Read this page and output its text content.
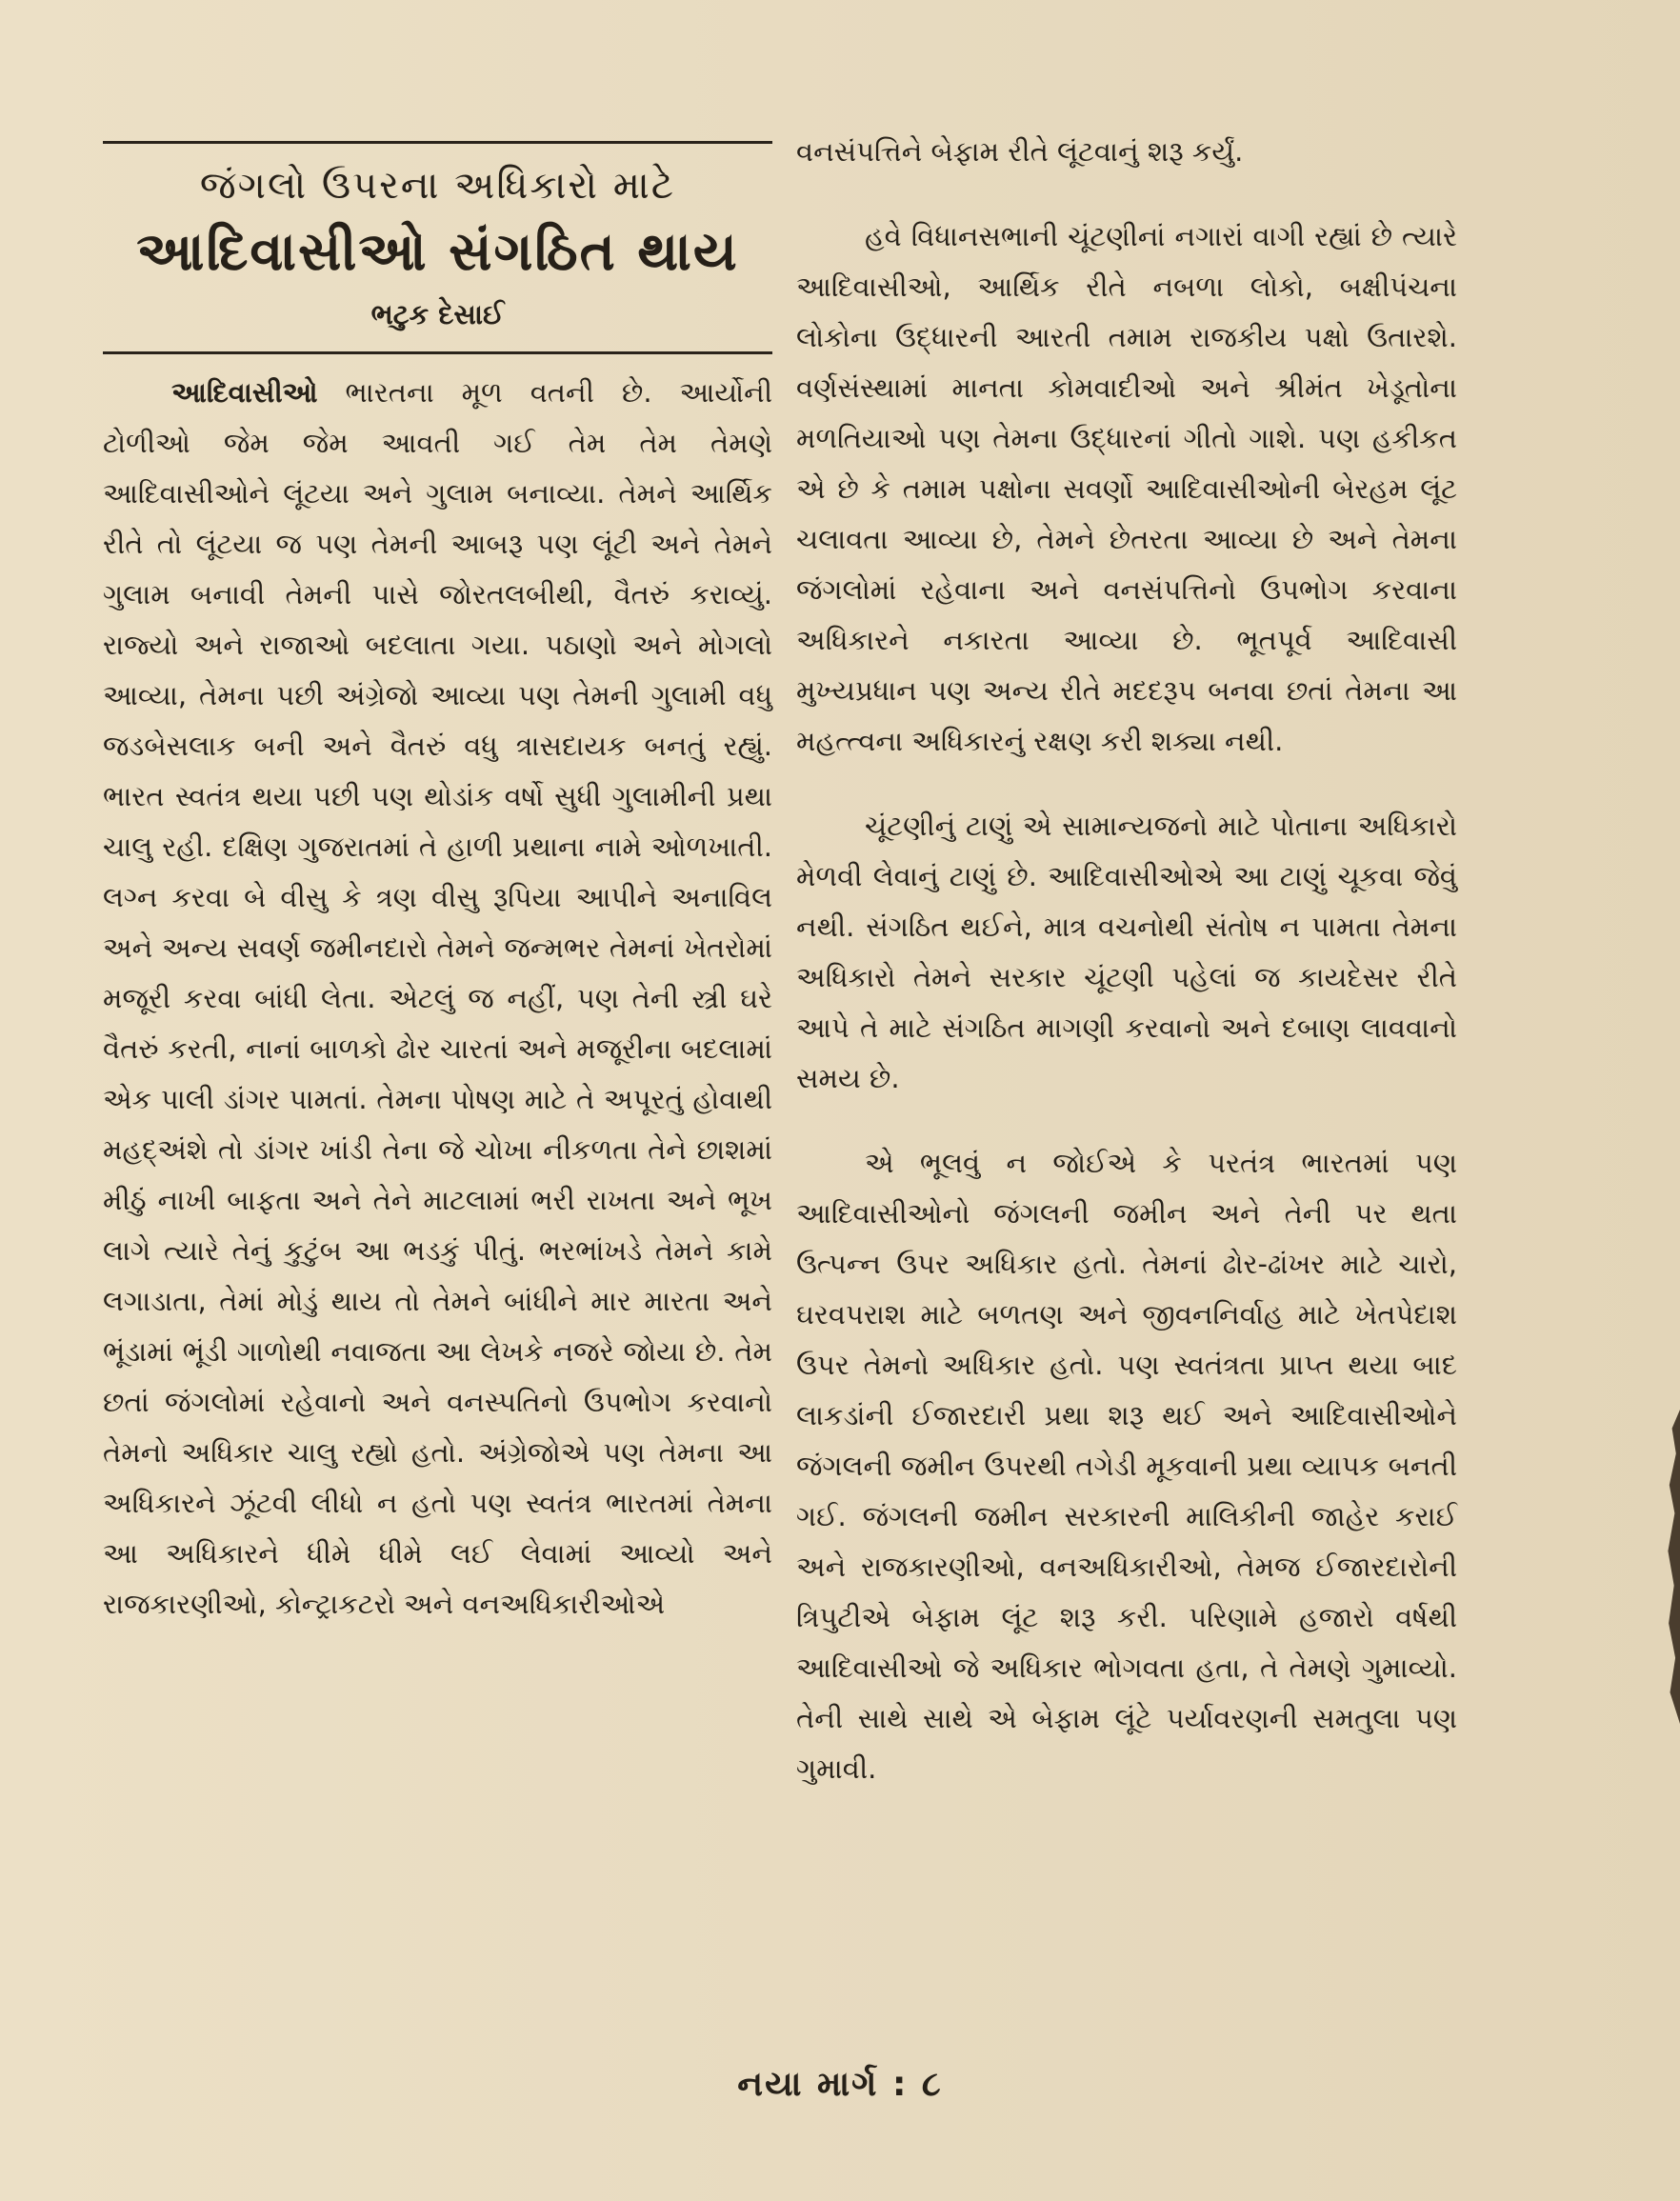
જંગલો ઉપરના અધિકારો માટે
આદિવાસીઓ સંગઠિત થાય
ભટુક દેસાઈ

આદિવાસીઓ ભારતના મૂળ વતની છે. આર્યોની ટોળીઓ જેમ જેમ આવતી ગઈ તેમ તેમ તેમણે આદિવાસીઓને લૂંટયા અને ગુલામ બનાવ્યા. તેમને આર્થિક રીતે તો લૂંટયા જ પણ તેમની આબરૂ પણ લૂંટી અને તેમને ગુલામ બનાવી તેમની પાસે જોરતલબીથી, વૈતરું કરાવ્યું. રાજ્યો અને રાજાઓ બદલાતા ગયા. પઠાણો અને મોગલો આવ્યા, તેમના પછી અંગ્રેજો આવ્યા પણ તેમની ગુલામી વધુ જડબેસલાક બની અને વૈતરું વધુ ત્રાસદાયક બનતું રહ્યું. ભારત સ્વતંત્ર થયા પછી પણ થોડાંક વર્ષો સુધી ગુલામીની પ્રથા ચાલુ રહી. દક્ષિણ ગુજરાતમાં તે હાળી પ્રથાના નામે ઓળખાતી. લગ્ન કરવા બે વીસુ કે ત્રણ વીસુ રૂપિયા આપીને અનાવિલ અને અન્ય સવર્ણ જમીનદારો તેમને જન્મભર તેમનાં ખેતરોમાં મજૂરી કરવા બાંધી લેતા. એટલું જ નહીં, પણ તેની સ્ત્રી ઘરે વૈતરું કરતી, નાનાં બાળકો ઢોર ચારતાં અને મજૂરીના બદલામાં એક પાલી ડાંગર પામતાં. તેમના પોષણ માટે તે અપૂરતું હોવાથી મહદ્અંશે તો ડાંગર ખાંડી તેના જે ચોખા નીકળતા તેને છાશમાં મીઠું નાખી બાફતા અને તેને માટલામાં ભરી રાખતા અને ભૂખ લાગે ત્યારે તેનું કુટુંબ આ ભડકું પીતું. ભરભાંખડે તેમને કામે લગાડાતા, તેમાં મોડું થાય તો તેમને બાંધીને માર મારતા અને ભૂંડામાં ભૂંડી ગાળોથી નવાજતા આ લેખકે નજરે જોયા છે. તેમ છતાં જંગલોમાં રહેવાનો અને વનસ્પતિનો ઉપભોગ કરવાનો તેમનો અધિકાર ચાલુ રહ્યો હતો. અંગ્રેજોએ પણ તેમના આ અધિકારને ઝૂંટવી લીધો ન હતો પણ સ્વતંત્ર ભારતમાં તેમના આ અધિકારને ધીમે ધીમે લઈ લેવામાં આવ્યો અને રાજકારણીઓ, કોન્ટ્રાકટરો અને વનઅધિકારીઓએ

વનસંપત્તિને બેફામ રીતે લૂંટવાનું શરૂ કર્યું.

હવે વિધાનસભાની ચૂંટણીનાં નગારાં વાગી રહ્યાં છે ત્યારે આદિવાસીઓ, આર્થિક રીતે નબળા લોકો, બક્ષીપંચના લોકોના ઉદ્ધારની આરતી તમામ રાજકીય પક્ષો ઉતારશે. વર્ણસંસ્થામાં માનતા કોમવાદીઓ અને શ્રીમંત ખેડૂતોના મળતિયાઓ પણ તેમના ઉદ્ધારનાં ગીતો ગાશે. પણ હકીકત એ છે કે તમામ પક્ષોના સવર્ણો આદિવાસીઓની બેરહમ લૂંટ ચલાવતા આવ્યા છે, તેમને છેતરતા આવ્યા છે અને તેમના જંગલોમાં રહેવાના અને વનસંપત્તિનો ઉપભોગ કરવાના અધિકારને નકારતા આવ્યા છે. ભૂતપૂર્વ આદિવાસી મુખ્યપ્રધાન પણ અન્ય રીતે મદદરૂપ બનવા છતાં તેમના આ મહત્ત્વના અધિકારનું રક્ષણ કરી શક્યા નથી.

ચૂંટણીનું ટાણું એ સામાન્યજનો માટે પોતાના અધિકારો મેળવી લેવાનું ટાણું છે. આદિવાસીઓએ આ ટાણું ચૂકવા જેવું નથી. સંગઠિત થઈને, માત્ર વચનોથી સંતોષ ન પામતા તેમના અધિકારો તેમને સરકાર ચૂંટણી પહેલાં જ કાયદેસર રીતે આપે તે માટે સંગઠિત માગણી કરવાનો અને દબાણ લાવવાનો સમય છે.

એ ભૂલવું ન જોઈએ કે પરતંત્ર ભારતમાં પણ આદિવાસીઓનો જંગલની જમીન અને તેની પર થતા ઉત્પન્ન ઉપર અધિકાર હતો. તેમનાં ઢોર-ઢાંખર માટે ચારો, ઘરવપરાશ માટે બળતણ અને જીવનનિર્વાહ માટે ખેતપેદાશ ઉપર તેમનો અધિકાર હતો. પણ સ્વતંત્રતા પ્રાપ્ત થયા બાદ લાકડાંની ઈજારદારી પ્રથા શરૂ થઈ અને આદિવાસીઓને જંગલની જમીન ઉપરથી તગેડી મૂકવાની પ્રથા વ્યાપક બનતી ગઈ. જંગલની જમીન સરકારની માલિકીની જાહેર કરાઈ અને રાજકારણીઓ, વનઅધિકારીઓ, તેમજ ઈજારદારોની ત્રિપુટીએ બેફામ લૂંટ શરૂ કરી. પરિણામે હજારો વર્ષથી આદિવાસીઓ જે અધિકાર ભોગવતા હતા, તે તેમણે ગુમાવ્યો. તેની સાથે સાથે એ બેફામ લૂંટે પર્યાવરણની સમતુલા પણ ગુમાવી.

નયા માર્ગ : ૮
